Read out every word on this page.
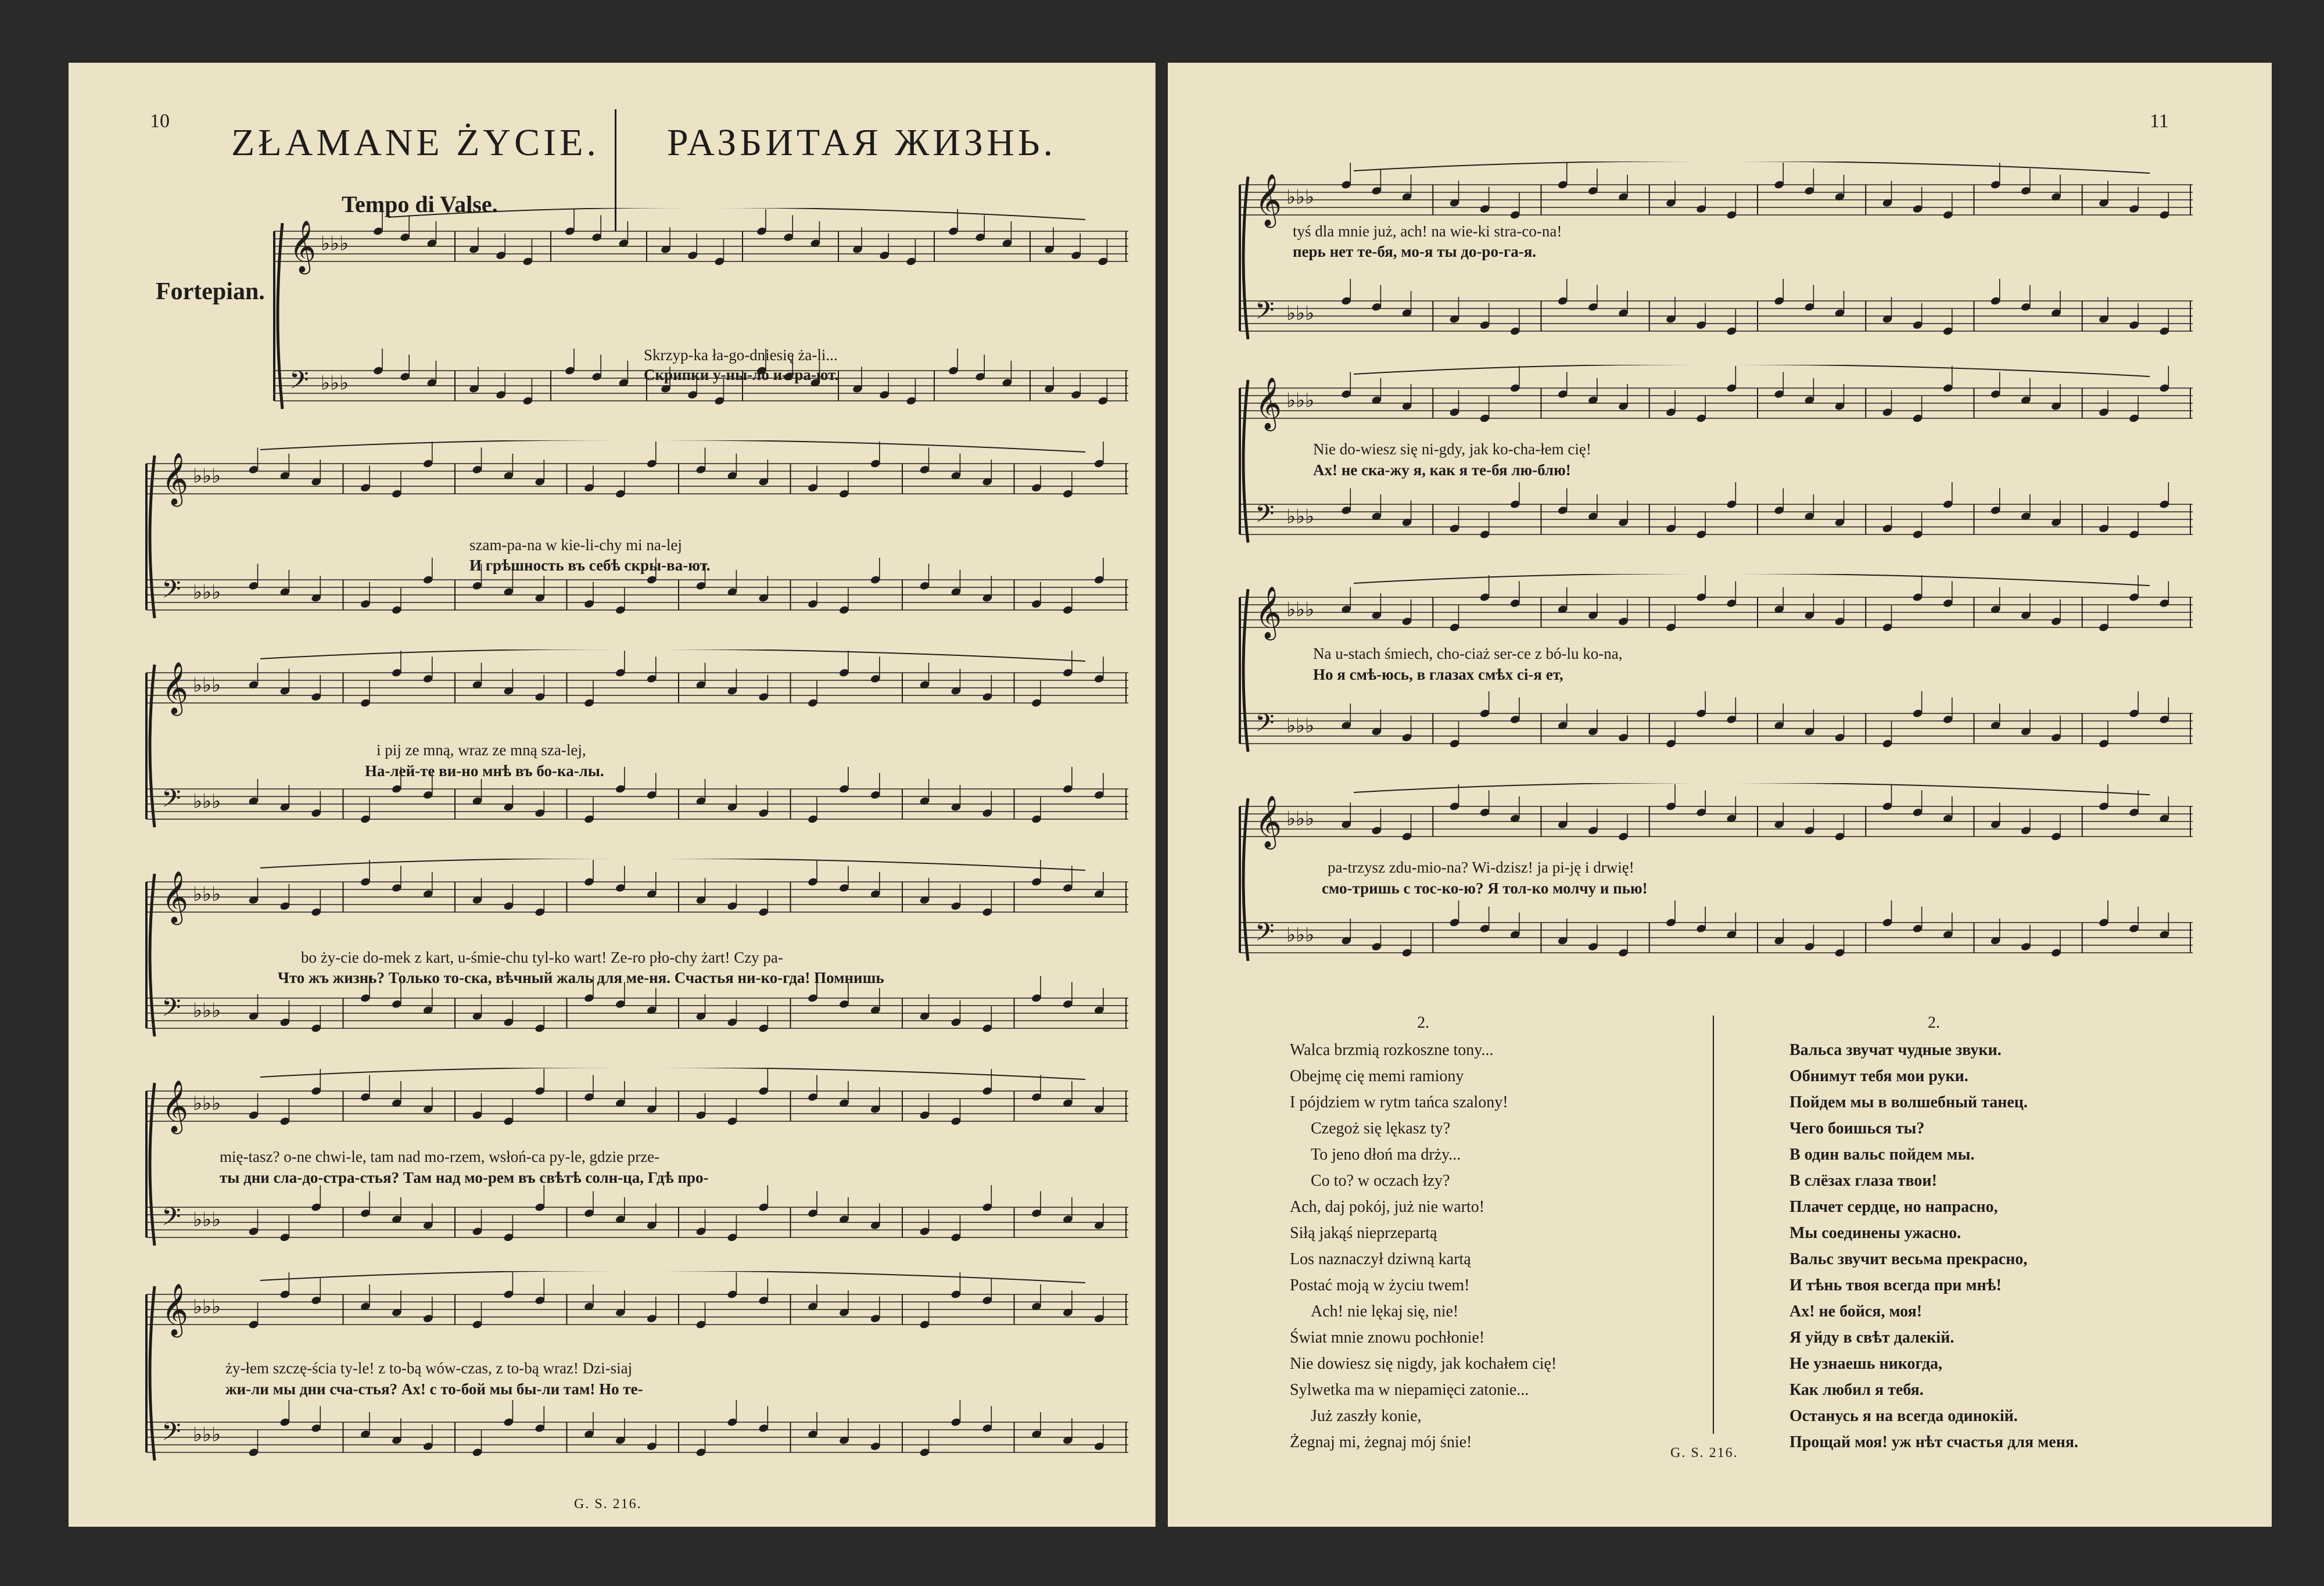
10
ZŁAMANE ŻYCIE. РАЗБИТАЯ ЖИЗНЬ.
Tempo di Valse.
Fortepian.
𝄞 ♭♭♭
𝄢 ♭♭♭
Skrzyp-ka ła-go-dniesię ża-li...
Скрипки у-ны-ло и-гра-ют.
𝄞 ♭♭♭
𝄢 ♭♭♭
szam-pa-na w kie-li-chy mi na-lej
И грѣшность въ себѣ скры-ва-ют.
𝄞 ♭♭♭
𝄢 ♭♭♭
i pij ze mną, wraz ze mną sza-lej,
На-лей-те ви-но мнѣ въ бо-ка-лы.
𝄞 ♭♭♭
𝄢 ♭♭♭
bo ży-cie do-mek z kart, u-śmie-chu tyl-ko wart! Ze-ro pło-chy żart! Czy pa-
Что жъ жизнь? Только то-ска, вѣчный жаль для ме-ня. Счастья ни-ко-гда! Помнишь
𝄞 ♭♭♭
𝄢 ♭♭♭
mię-tasz? o-ne chwi-le, tam nad mo-rzem, wsłoń-ca py-le, gdzie prze-
ты дни сла-до-стра-стья? Там над мо-рем въ свѣтѣ солн-ца, Гдѣ про-
𝄞 ♭♭♭
𝄢 ♭♭♭
ży-łem szczę-ścia ty-le! z to-bą wów-czas, z to-bą wraz! Dzi-siaj
жи-ли мы дни сча-стья? Ах! с то-бой мы бы-ли там! Но те-
G. S. 216.
11
𝄞 ♭♭♭
𝄢 ♭♭♭
tyś dla mnie już, ach! na wie-ki stra-co-na!
перь нет те-бя, мо-я ты до-ро-га-я.
𝄞 ♭♭♭
𝄢 ♭♭♭
Nie do-wiesz się ni-gdy, jak ko-cha-łem cię!
Ах! не ска-жу я, как я те-бя лю-блю!
𝄞 ♭♭♭
𝄢 ♭♭♭
Na u-stach śmiech, cho-ciaż ser-ce z bó-lu ko-na,
Но я смѣ-юсь, в глазах смѣх сі-я ет,
𝄞 ♭♭♭
𝄢 ♭♭♭
pa-trzysz zdu-mio-na? Wi-dzisz! ja pi-ję i drwię!
смо-тришь с тос-ко-ю? Я тол-ко молчу и пью!
2.
Walca brzmią rozkoszne tony...
Obejmę cię memi ramiony
I pójdziem w rytm tańca szalony!
Czegoż się lękasz ty?
To jeno dłoń ma drży...
Co to? w oczach łzy?
Ach, daj pokój, już nie warto!
Siłą jakąś nieprzepartą
Los naznaczył dziwną kartą
Postać moją w życiu twem!
Ach! nie lękaj się, nie!
Świat mnie znowu pochłonie!
Nie dowiesz się nigdy, jak kochałem cię!
Sylwetka ma w niepamięci zatonie...
Już zaszły konie,
Żegnaj mi, żegnaj mój śnie!
2.
Вальса звучат чудные звуки.
Обнимут тебя мои руки.
Пойдем мы в волшебный танец.
Чего боишься ты?
В один вальс пойдем мы.
В слёзах глаза твои!
Плачет сердце, но напрасно,
Мы соединены ужасно.
Вальс звучит весьма прекрасно,
И тѣнь твоя всегда при мнѣ!
Ах! не бойся, моя!
Я уйду в свѣт далекій.
Не узнаешь никогда,
Как любил я тебя.
Останусь я на всегда одинокій.
Прощай моя! уж нѣт счастья для меня.
G. S. 216.
